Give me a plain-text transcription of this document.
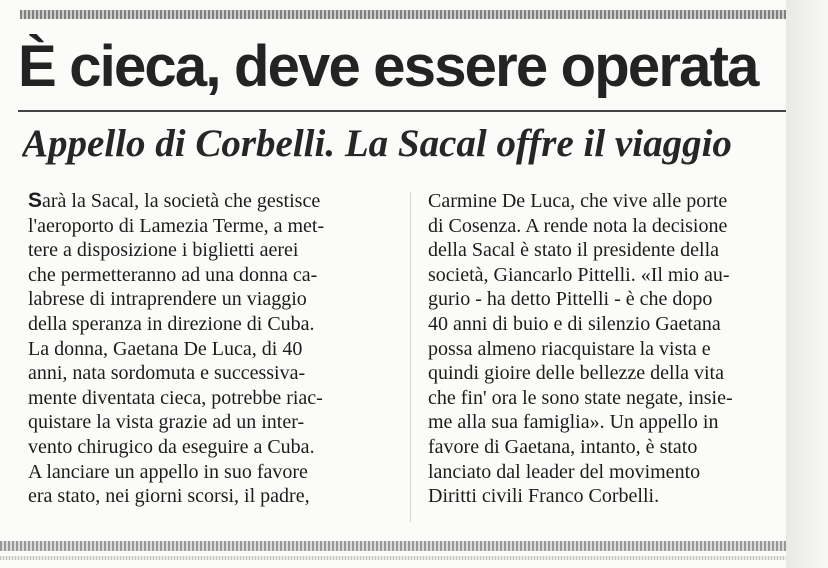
È cieca, deve essere operata
Appello di Corbelli. La Sacal offre il viaggio
Sarà la Sacal, la società che gestisce
l'aeroporto di Lamezia Terme, a met-
tere a disposizione i biglietti aerei
che permetteranno ad una donna ca-
labrese di intraprendere un viaggio
della speranza in direzione di Cuba.
La donna, Gaetana De Luca, di 40
anni, nata sordomuta e successiva-
mente diventata cieca, potrebbe riac-
quistare la vista grazie ad un inter-
vento chirugico da eseguire a Cuba.
A lanciare un appello in suo favore
era stato, nei giorni scorsi, il padre,
Carmine De Luca, che vive alle porte
di Cosenza. A rende nota la decisione
della Sacal è stato il presidente della
società, Giancarlo Pittelli. «Il mio au-
gurio - ha detto Pittelli - è che dopo
40 anni di buio e di silenzio Gaetana
possa almeno riacquistare la vista e
quindi gioire delle bellezze della vita
che fin' ora le sono state negate, insie-
me alla sua famiglia». Un appello in
favore di Gaetana, intanto, è stato
lanciato dal leader del movimento
Diritti civili Franco Corbelli.
